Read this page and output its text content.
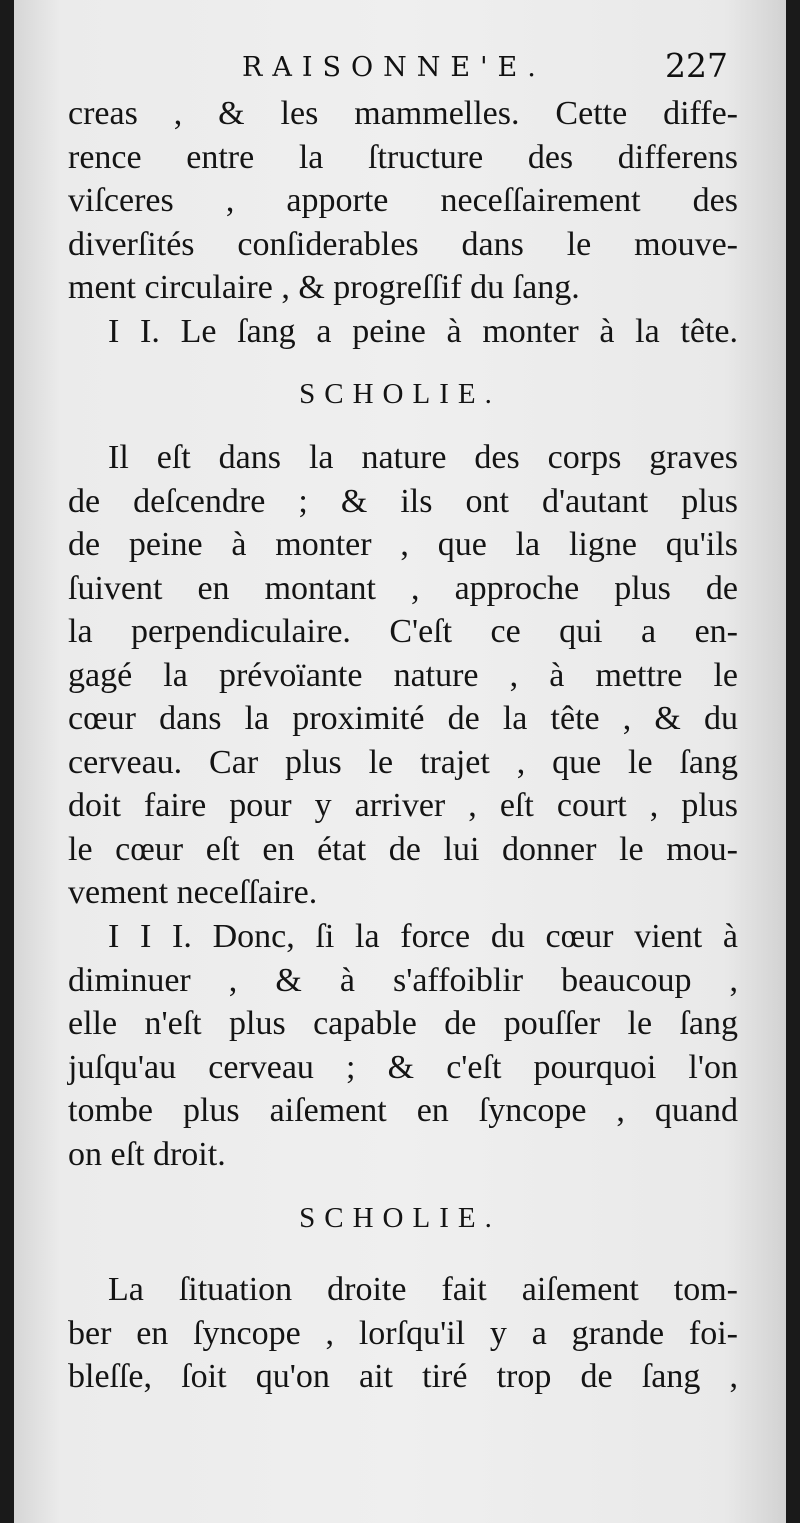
RAISONNE'E.	227
creas , & les mammelles. Cette diffe-
rence entre la ſtructure des differens
viſceres , apporte neceſſairement des
diverſités conſiderables dans le mouve-
ment circulaire , & progreſſif du ſang.
I I. Le ſang a peine à monter à la tête.
SCHOLIE.
Il eſt dans la nature des corps graves
de deſcendre ; & ils ont d'autant plus
de peine à monter , que la ligne qu'ils
ſuivent en montant , approche plus de
la perpendiculaire. C'eſt ce qui a en-
gagé la prévoïante nature , à mettre le
cœur dans la proximité de la tête , & du
cerveau. Car plus le trajet , que le ſang
doit faire pour y arriver , eſt court , plus
le cœur eſt en état de lui donner le mou-
vement neceſſaire.
I I I. Donc, ſi la force du cœur vient à
diminuer , & à s'affoiblir beaucoup ,
elle n'eſt plus capable de pouſſer le ſang
juſqu'au cerveau ; & c'eſt pourquoi l'on
tombe plus aiſement en ſyncope , quand
on eſt droit.
SCHOLIE.
La ſituation droite fait aiſement tom-
ber en ſyncope , lorſqu'il y a grande foi-
bleſſe, ſoit qu'on ait tiré trop de ſang ,
